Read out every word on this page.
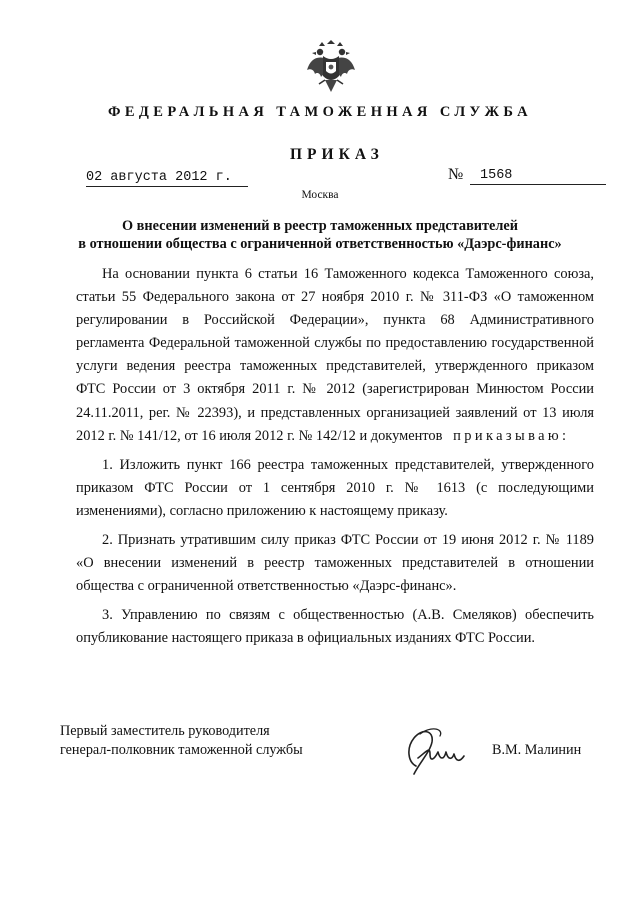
ФЕДЕРАЛЬНАЯ ТАМОЖЕННАЯ СЛУЖБА
ПРИКАЗ
02 августа 2012 г.	№	1568
Москва
О внесении изменений в реестр таможенных представителей
в отношении общества с ограниченной ответственностью «Даэрс-финанс»

На основании пункта 6 статьи 16 Таможенного кодекса Таможенного союза, статьи 55 Федерального закона от 27 ноября 2010 г. № 311-ФЗ «О таможенном регулировании в Российской Федерации», пункта 68 Административного регламента Федеральной таможенной службы по предоставлению государственной услуги ведения реестра таможенных представителей, утвержденного приказом ФТС России от 3 октября 2011 г. № 2012 (зарегистрирован Минюстом России 24.11.2011, рег. № 22393), и представленных организацией заявлений от 13 июля 2012 г. № 141/12, от 16 июля 2012 г. № 142/12 и документов приказываю:

1. Изложить пункт 166 реестра таможенных представителей, утвержденного приказом ФТС России от 1 сентября 2010 г. № 1613 (с последующими изменениями), согласно приложению к настоящему приказу.

2. Признать утратившим силу приказ ФТС России от 19 июня 2012 г. № 1189 «О внесении изменений в реестр таможенных представителей в отношении общества с ограниченной ответственностью «Даэрс-финанс».

3. Управлению по связям с общественностью (А.В. Смеляков) обеспечить опубликование настоящего приказа в официальных изданиях ФТС России.

Первый заместитель руководителя
генерал-полковник таможенной службы	В.М. Малинин
